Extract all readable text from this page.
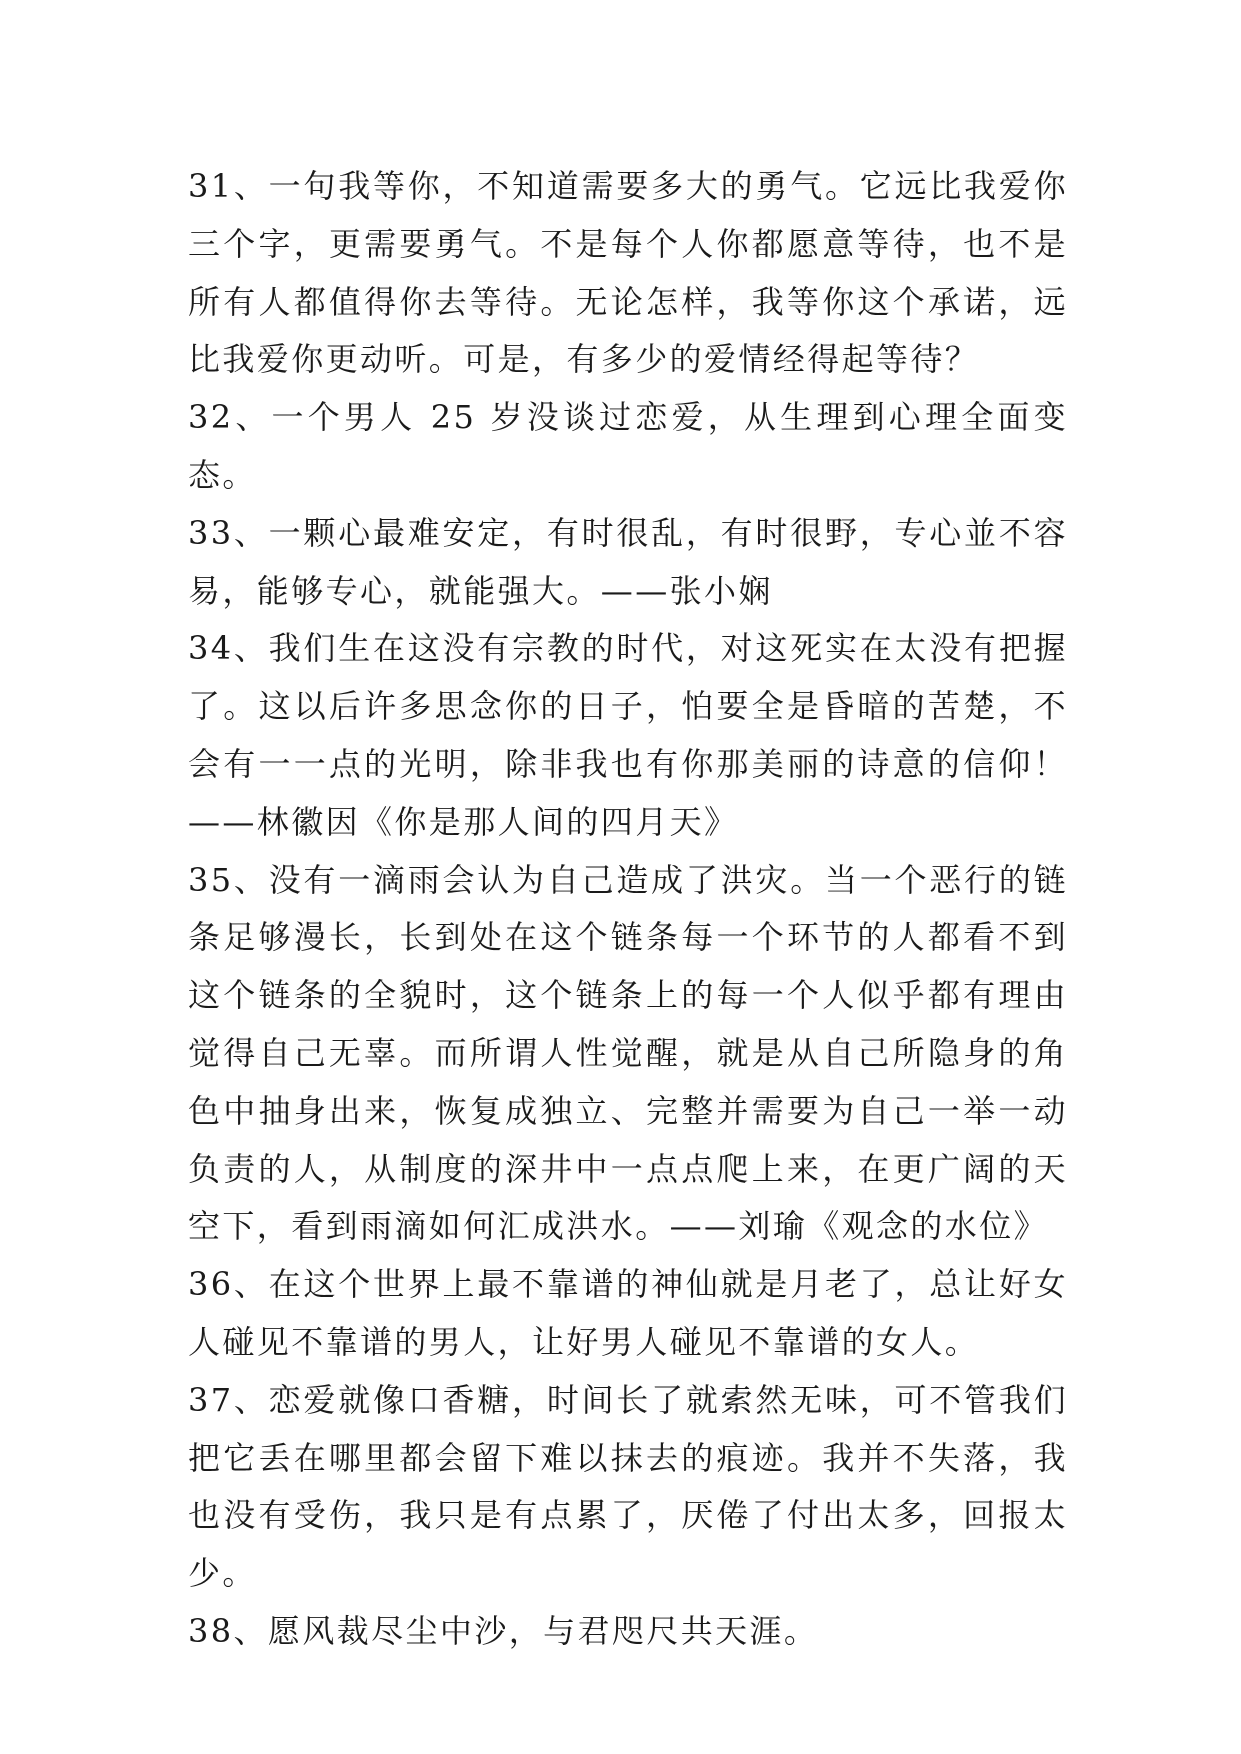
31、一句我等你，不知道需要多大的勇气。它远比我爱你三个字，更需要勇气。不是每个人你都愿意等待，也不是所有人都值得你去等待。无论怎样，我等你这个承诺，远比我爱你更动听。可是，有多少的爱情经得起等待？

32、一个男人 25 岁没谈过恋爱，从生理到心理全面变态。

33、一颗心最难安定，有时很乱，有时很野，专心並不容易，能够专心，就能强大。——张小娴

34、我们生在这没有宗教的时代，对这死实在太没有把握了。这以后许多思念你的日子，怕要全是昏暗的苦楚，不会有一一点的光明，除非我也有你那美丽的诗意的信仰！——林徽因《你是那人间的四月天》

35、没有一滴雨会认为自己造成了洪灾。当一个恶行的链条足够漫长，长到处在这个链条每一个环节的人都看不到这个链条的全貌时，这个链条上的每一个人似乎都有理由觉得自己无辜。而所谓人性觉醒，就是从自己所隐身的角色中抽身出来，恢复成独立、完整并需要为自己一举一动负责的人，从制度的深井中一点点爬上来，在更广阔的天空下，看到雨滴如何汇成洪水。——刘瑜《观念的水位》

36、在这个世界上最不靠谱的神仙就是月老了，总让好女人碰见不靠谱的男人，让好男人碰见不靠谱的女人。

37、恋爱就像口香糖，时间长了就索然无味，可不管我们把它丢在哪里都会留下难以抹去的痕迹。我并不失落，我也没有受伤，我只是有点累了，厌倦了付出太多，回报太少。

38、愿风裁尽尘中沙，与君咫尺共天涯。
